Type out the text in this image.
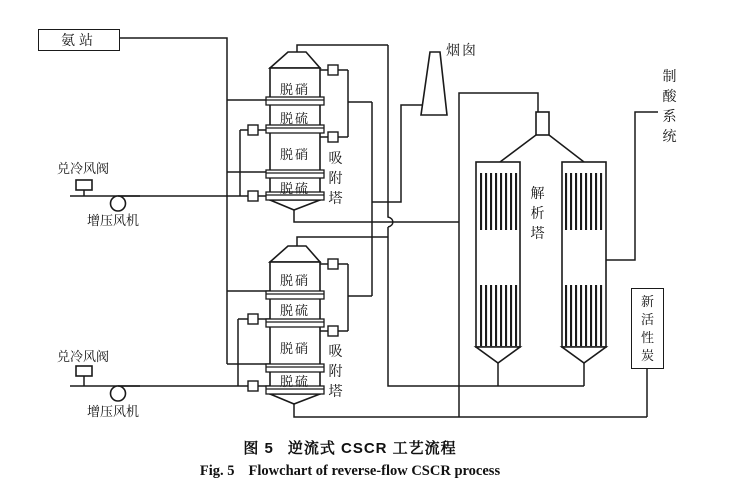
氨站
烟囱
兑冷风阀
增压风机
兑冷风阀
增压风机
脱硝
脱硫
脱硝
脱硫
脱硝
脱硫
脱硝
脱硫
吸附塔
吸附塔
解析塔
制酸系统
新活性炭
图 5 逆流式 CSCR 工艺流程
Fig. 5 Flowchart of reverse-flow CSCR process
